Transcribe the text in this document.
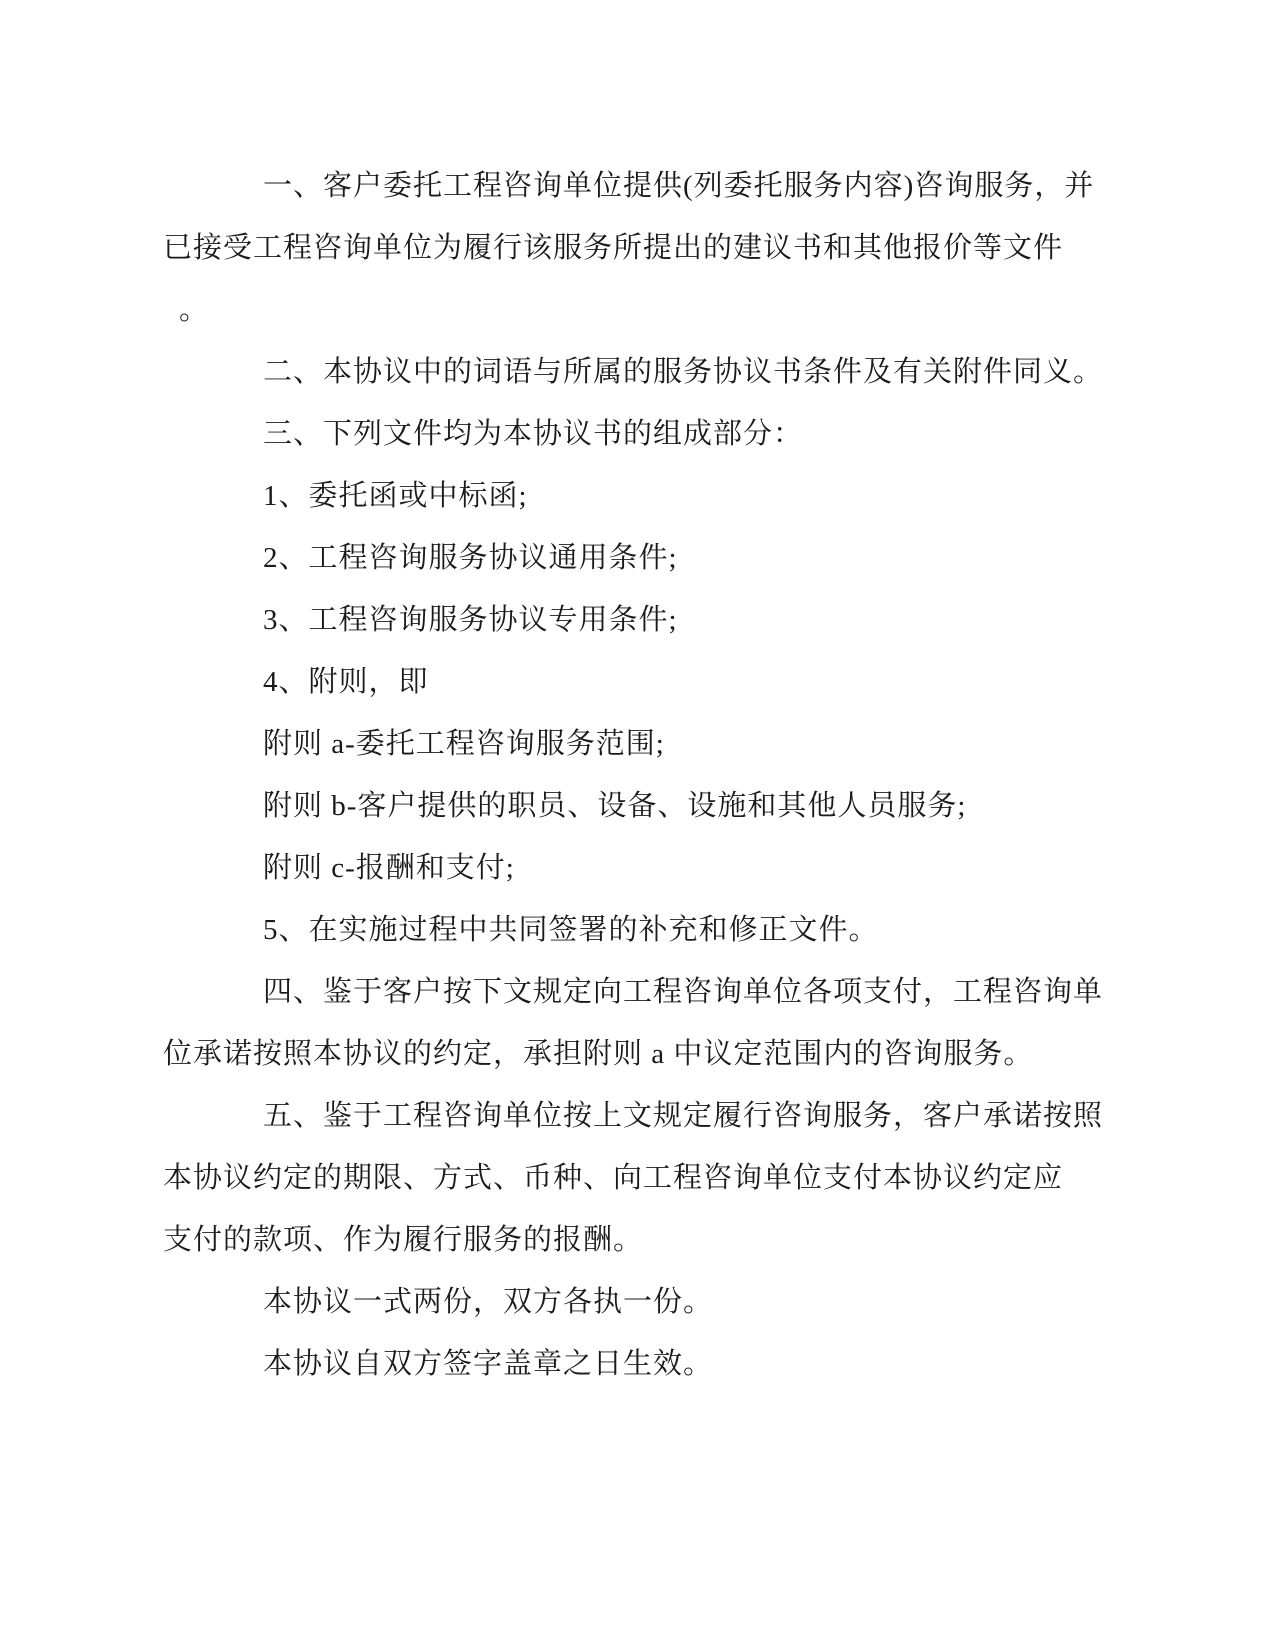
一、客户委托工程咨询单位提供(列委托服务内容)咨询服务，并
已接受工程咨询单位为履行该服务所提出的建议书和其他报价等文件
。
二、本协议中的词语与所属的服务协议书条件及有关附件同义。
三、下列文件均为本协议书的组成部分：
1、委托函或中标函;
2、工程咨询服务协议通用条件;
3、工程咨询服务协议专用条件;
4、附则，即
附则 a-委托工程咨询服务范围;
附则 b-客户提供的职员、设备、设施和其他人员服务;
附则 c-报酬和支付;
5、在实施过程中共同签署的补充和修正文件。
四、鉴于客户按下文规定向工程咨询单位各项支付，工程咨询单
位承诺按照本协议的约定，承担附则 a 中议定范围内的咨询服务。
五、鉴于工程咨询单位按上文规定履行咨询服务，客户承诺按照
本协议约定的期限、方式、币种、向工程咨询单位支付本协议约定应
支付的款项、作为履行服务的报酬。
本协议一式两份，双方各执一份。
本协议自双方签字盖章之日生效。
